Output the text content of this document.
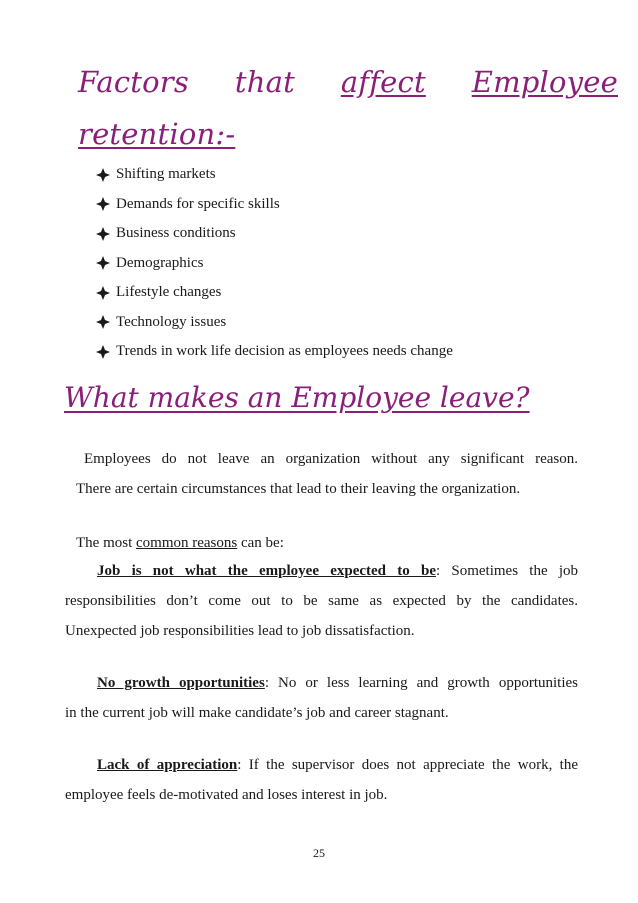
Factors that affect Employee
retention:-
Shifting markets
Demands for specific skills
Business conditions
Demographics
Lifestyle changes
Technology issues
Trends in work life decision as employees needs change
What makes an Employee leave?
Employees do not leave an organization without any significant reason.
There are certain circumstances that lead to their leaving the organization.
The most common reasons can be:
Job is not what the employee expected to be: Sometimes the job
responsibilities don’t come out to be same as expected by the candidates. Unexpected job responsibilities lead to job dissatisfaction.
No growth opportunities: No or less learning and growth opportunities
in the current job will make candidate’s job and career stagnant.
Lack of appreciation: If the supervisor does not appreciate the work, the
employee feels de-motivated and loses interest in job.
25
